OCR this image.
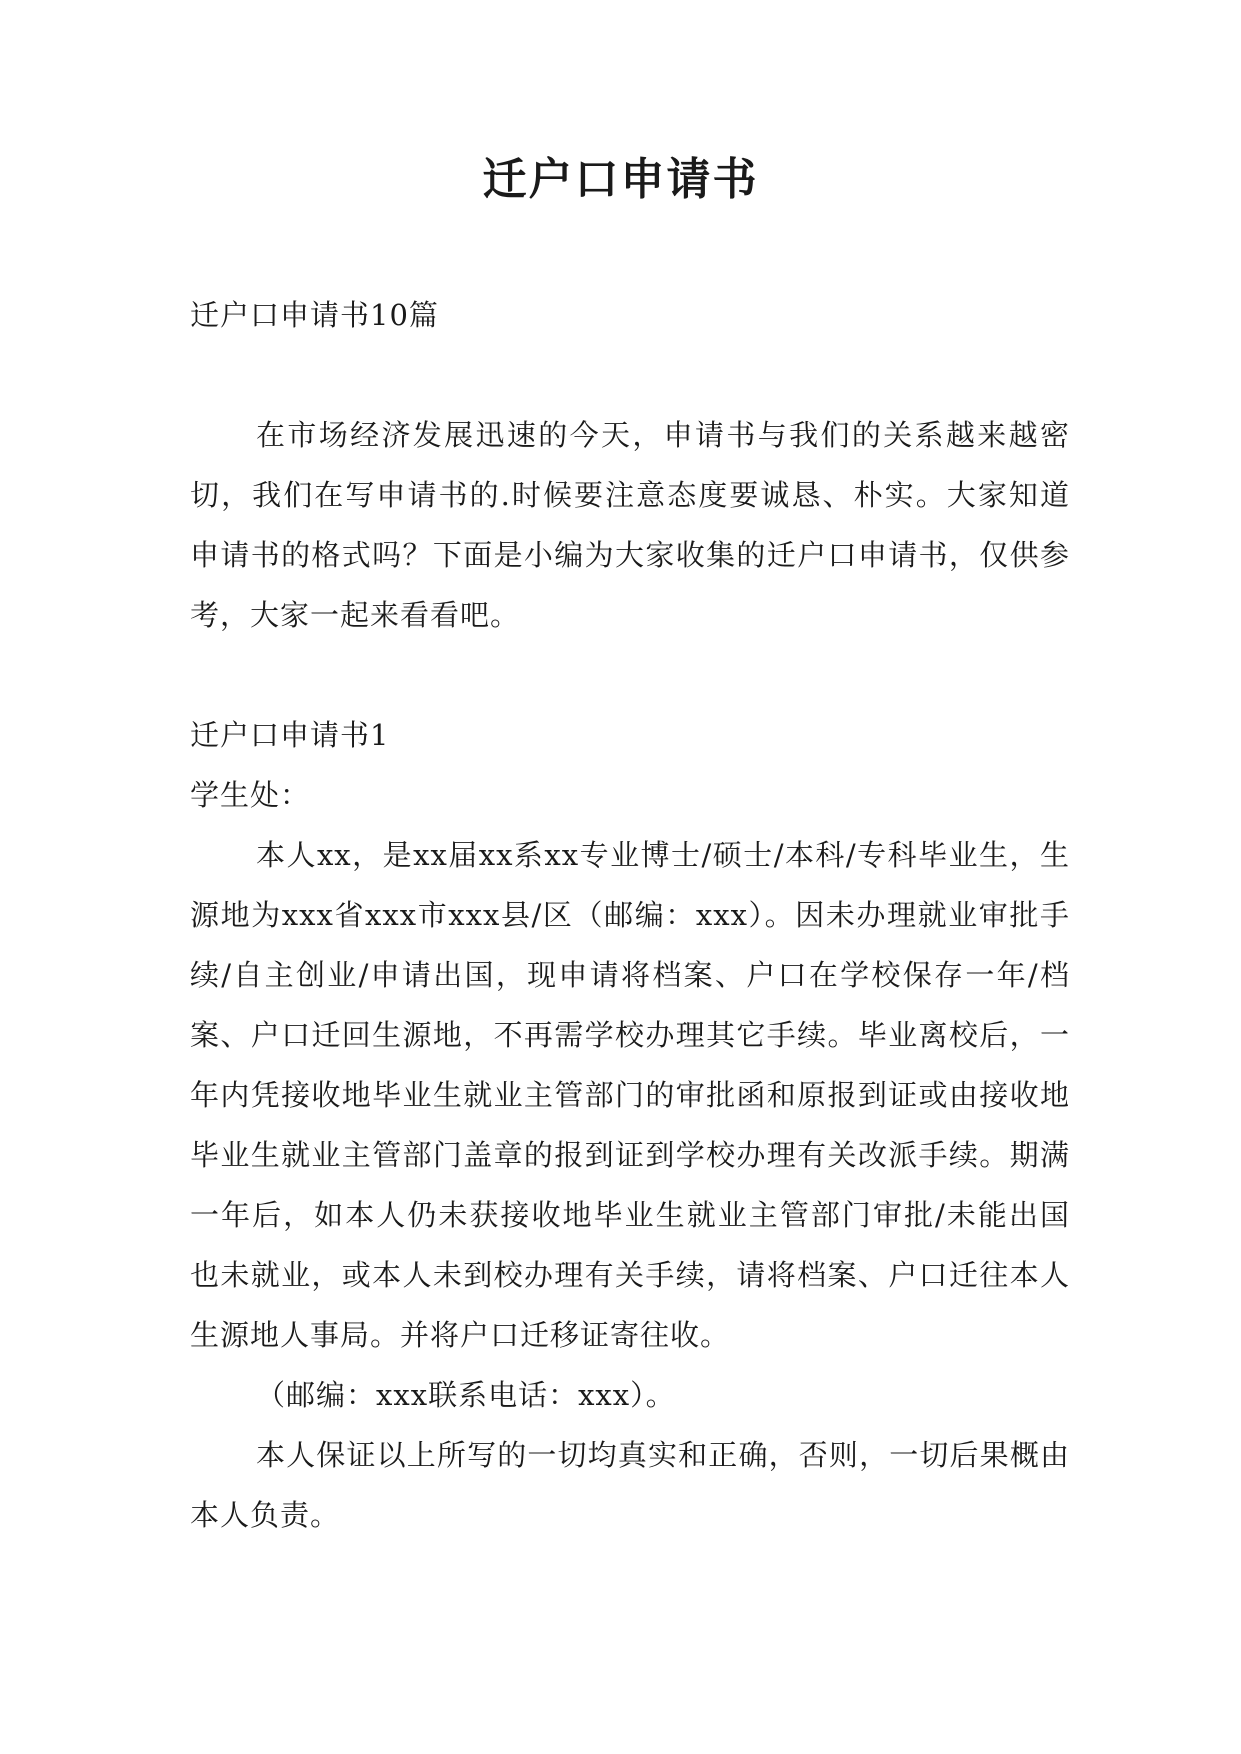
迁户口申请书

迁户口申请书10篇

在市场经济发展迅速的今天，申请书与我们的关系越来越密切，我们在写申请书的.时候要注意态度要诚恳、朴实。大家知道申请书的格式吗？下面是小编为大家收集的迁户口申请书，仅供参考，大家一起来看看吧。

迁户口申请书1

学生处：

本人xx，是xx届xx系xx专业博士/硕士/本科/专科毕业生，生源地为xxx省xxx市xxx县/区（邮编：xxx）。因未办理就业审批手续/自主创业/申请出国，现申请将档案、户口在学校保存一年/档案、户口迁回生源地，不再需学校办理其它手续。毕业离校后，一年内凭接收地毕业生就业主管部门的审批函和原报到证或由接收地毕业生就业主管部门盖章的报到证到学校办理有关改派手续。期满一年后，如本人仍未获接收地毕业生就业主管部门审批/未能出国也未就业，或本人未到校办理有关手续，请将档案、户口迁往本人生源地人事局。并将户口迁移证寄往收。

（邮编：xxx联系电话：xxx）。

本人保证以上所写的一切均真实和正确，否则，一切后果概由本人负责。
